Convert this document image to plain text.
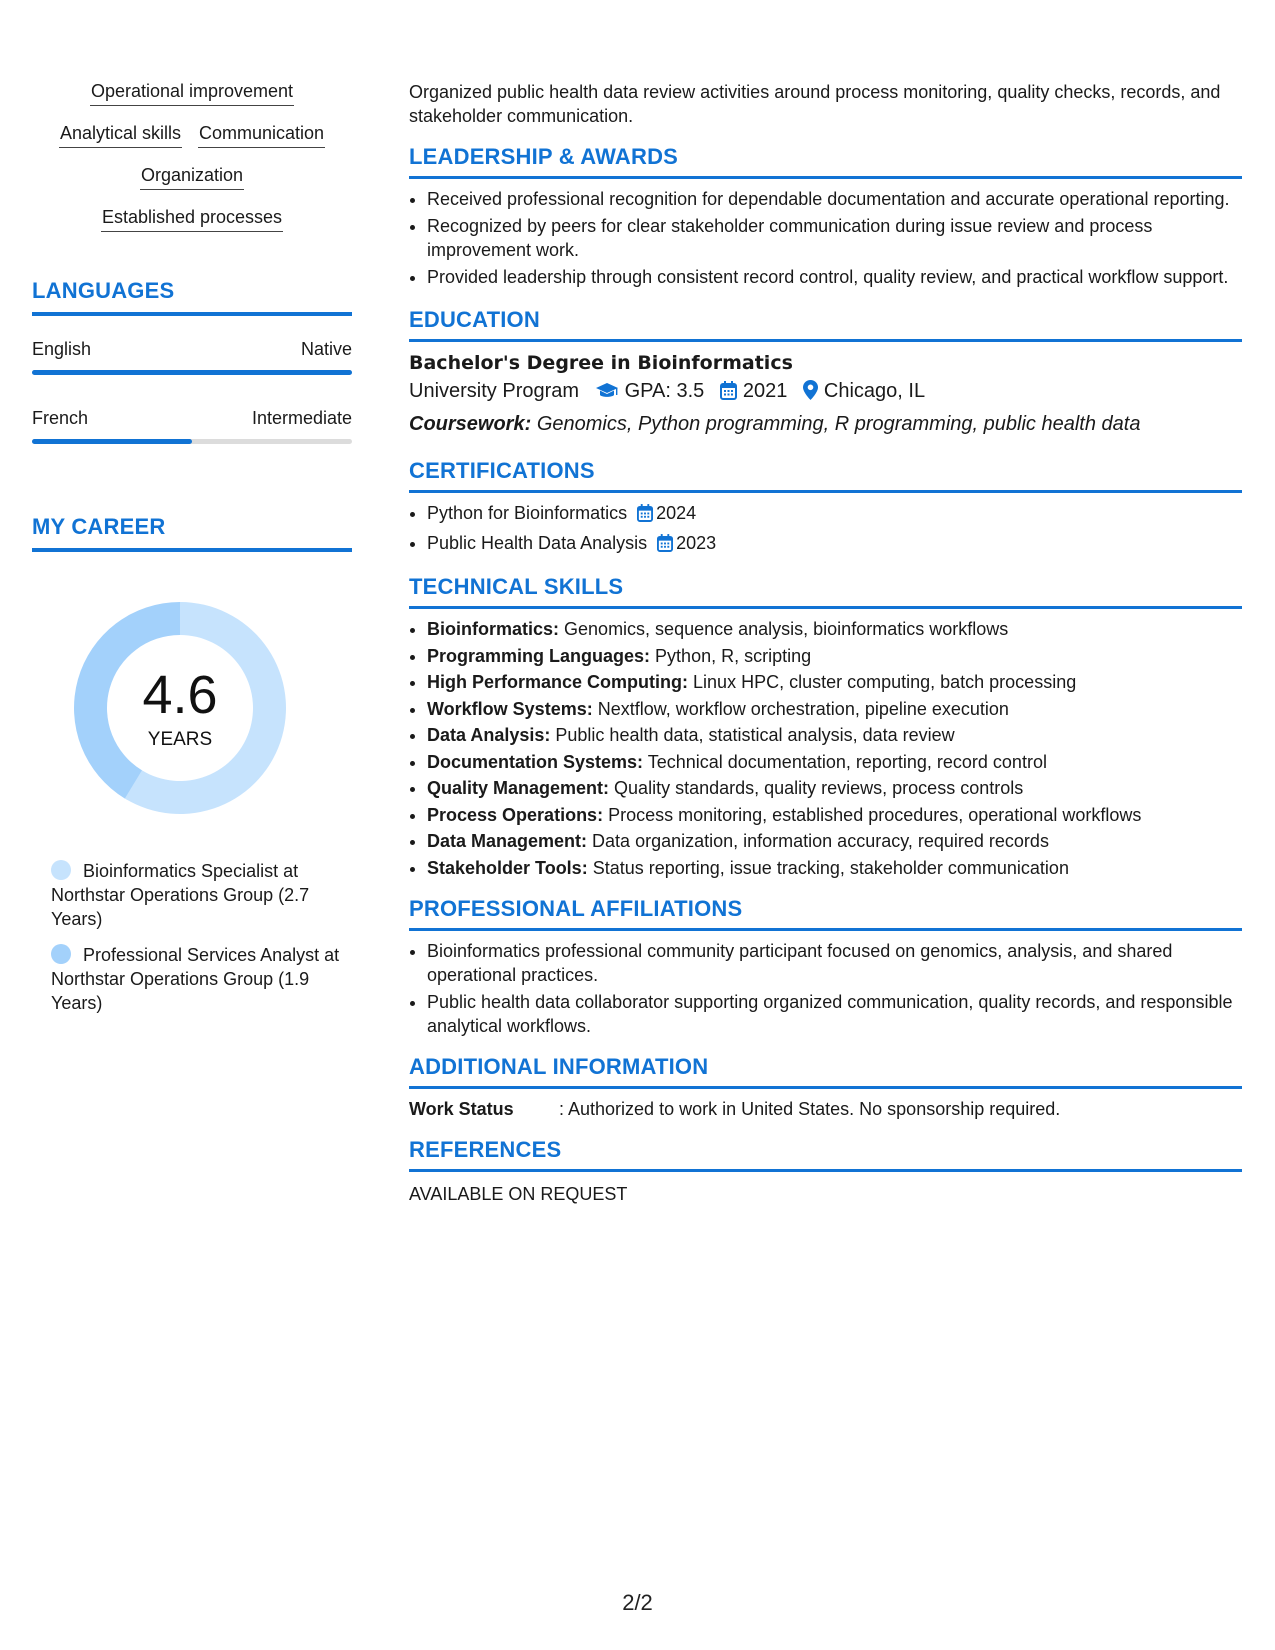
Operational improvement
Analytical skills Communication
Organization
Established processes
LANGUAGES
English	Native
French	Intermediate
MY CAREER
4.6
YEARS
Bioinformatics Specialist at Northstar Operations Group (2.7 Years)
Professional Services Analyst at Northstar Operations Group (1.9 Years)
Organized public health data review activities around process monitoring, quality checks, records, and stakeholder communication.
LEADERSHIP & AWARDS
• Received professional recognition for dependable documentation and accurate operational reporting.
• Recognized by peers for clear stakeholder communication during issue review and process improvement work.
• Provided leadership through consistent record control, quality review, and practical workflow support.
EDUCATION
Bachelor's Degree in Bioinformatics
University Program GPA: 3.5 2021 Chicago, IL
Coursework: Genomics, Python programming, R programming, public health data
CERTIFICATIONS
• Python for Bioinformatics 2024
• Public Health Data Analysis 2023
TECHNICAL SKILLS
• Bioinformatics: Genomics, sequence analysis, bioinformatics workflows
• Programming Languages: Python, R, scripting
• High Performance Computing: Linux HPC, cluster computing, batch processing
• Workflow Systems: Nextflow, workflow orchestration, pipeline execution
• Data Analysis: Public health data, statistical analysis, data review
• Documentation Systems: Technical documentation, reporting, record control
• Quality Management: Quality standards, quality reviews, process controls
• Process Operations: Process monitoring, established procedures, operational workflows
• Data Management: Data organization, information accuracy, required records
• Stakeholder Tools: Status reporting, issue tracking, stakeholder communication
PROFESSIONAL AFFILIATIONS
• Bioinformatics professional community participant focused on genomics, analysis, and shared operational practices.
• Public health data collaborator supporting organized communication, quality records, and responsible analytical workflows.
ADDITIONAL INFORMATION
Work Status	: Authorized to work in United States. No sponsorship required.
REFERENCES
AVAILABLE ON REQUEST
2/2
